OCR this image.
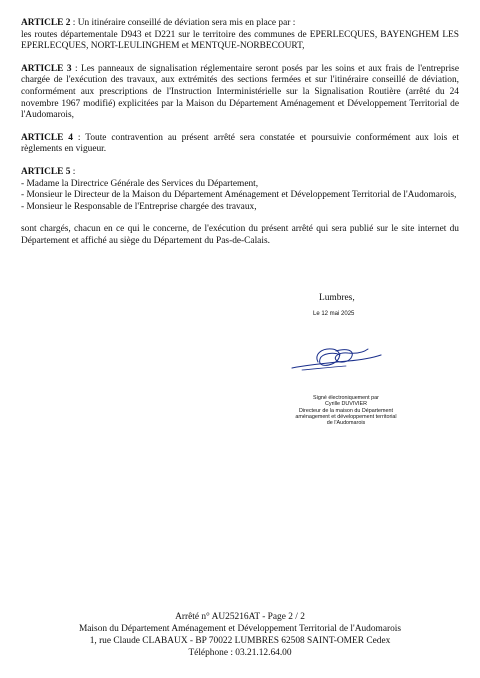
ARTICLE 2 : Un itinéraire conseillé de déviation sera mis en place par :

les routes départementale D943 et D221 sur le territoire des communes de EPERLECQUES, BAYENGHEM LES EPERLECQUES, NORT-LEULINGHEM et MENTQUE-NORBECOURT,

ARTICLE 3 : Les panneaux de signalisation réglementaire seront posés par les soins et aux frais de l'entreprise chargée de l'exécution des travaux, aux extrémités des sections fermées et sur l'itinéraire conseillé de déviation, conformément aux prescriptions de l'Instruction Interministérielle sur la Signalisation Routière (arrêté du 24 novembre 1967 modifié) explicitées par la Maison du Département Aménagement et Développement Territorial de l'Audomarois,

ARTICLE 4 : Toute contravention au présent arrêté sera constatée et poursuivie conformément aux lois et règlements en vigueur.

ARTICLE 5 :

- Madame la Directrice Générale des Services du Département,

- Monsieur le Directeur de la Maison du Département Aménagement et Développement Territorial de l'Audomarois,

- Monsieur le Responsable de l'Entreprise chargée des travaux,

sont chargés, chacun en ce qui le concerne, de l'exécution du présent arrêté qui sera publié sur le site internet du Département et affiché au siège du Département du Pas-de-Calais.

Lumbres,
Le 12 mai 2025
Signé électroniquement par
Cyrille DUVIVIER
Directeur de la maison du Département
aménagement et développement territorial
de l'Audomarois
Arrêté n° AU25216AT - Page 2 / 2
Maison du Département Aménagement et Développement Territorial de l'Audomarois
1, rue Claude CLABAUX - BP 70022 LUMBRES 62508 SAINT-OMER Cedex
Téléphone : 03.21.12.64.00
